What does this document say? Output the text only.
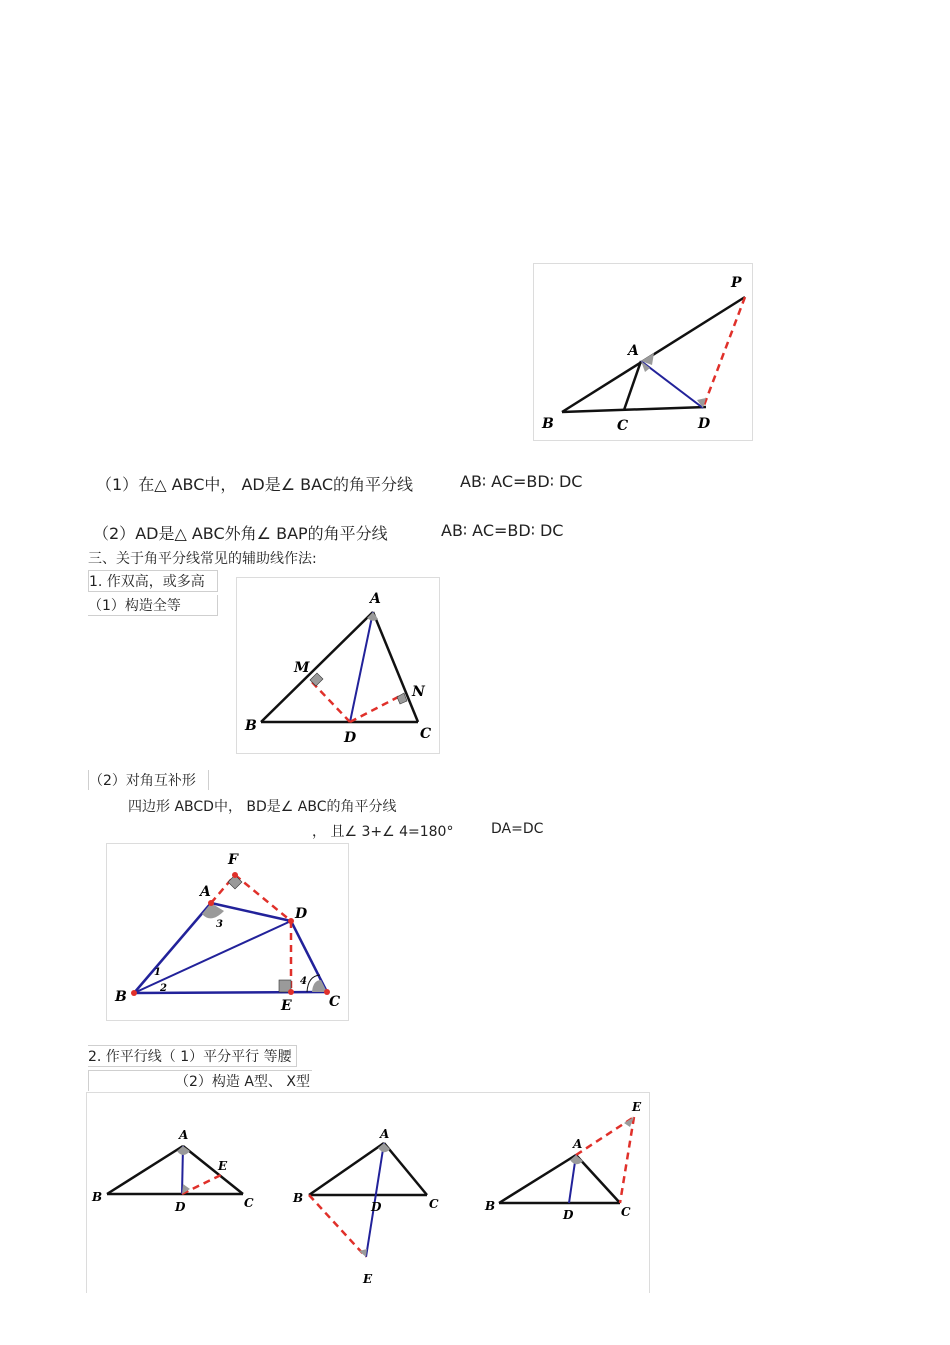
P
A
B	C	D
（1）在△ ABC中， AD是∠ BAC的角平分线	AB∶ AC=BD∶ DC
（2）AD是△ ABC外角∠ BAP的角平分线	AB∶ AC=BD∶ DC
三、关于角平分线常见的辅助线作法:
1. 作双高，或多高
（1）构造全等	A
M
N
B
D	C
（2）对角互补形
四边形 ABCD中， BD是∠ ABC的角平分线
， 且∠ 3+∠ 4=180°	DA=DC
F
A
D
B
E	C
1
2
3
4
2. 作平行线（ 1）平分平行 等腰
（2）构造 A型、 X型
A
E
B
D	C
A
B
D	C
E
E
A
B
D	C
